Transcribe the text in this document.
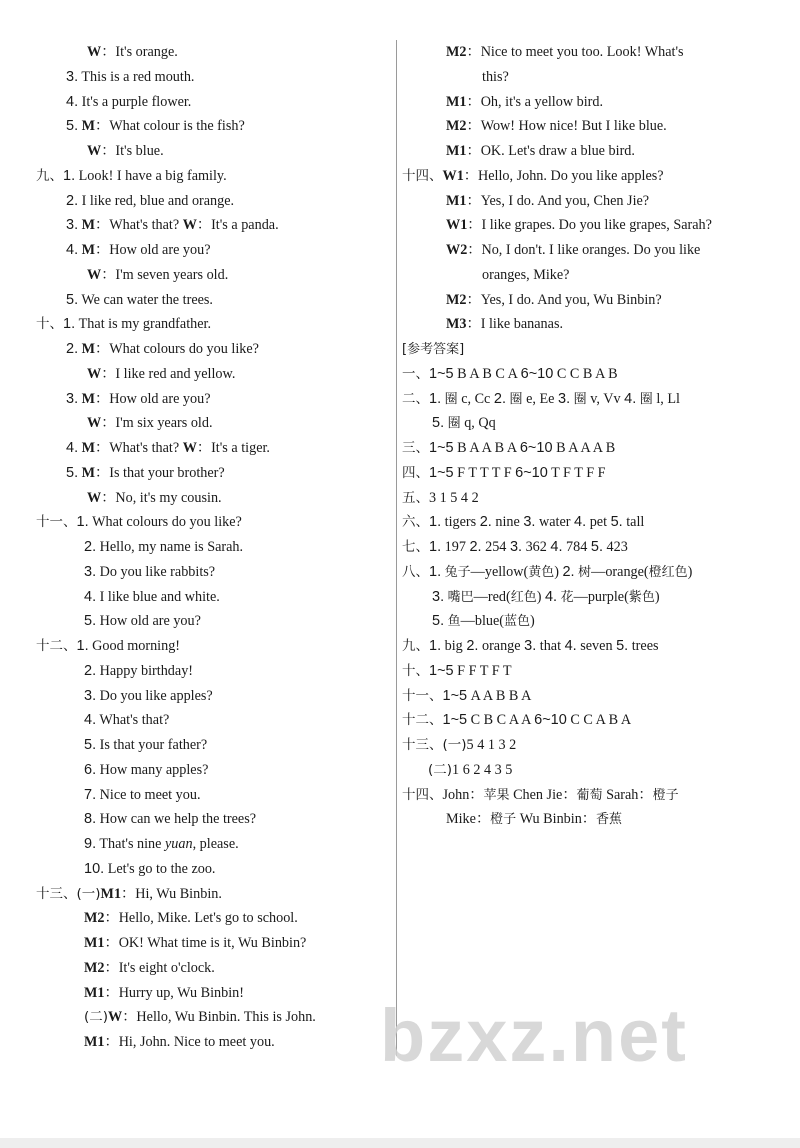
W：It's orange.
3. This is a red mouth.
4. It's a purple flower.
5. M：What colour is the fish?
W：It's blue.
九、1. Look! I have a big family.
2. I like red, blue and orange.
3. M：What's that? W：It's a panda.
4. M：How old are you?
W：I'm seven years old.
5. We can water the trees.
十、1. That is my grandfather.
2. M：What colours do you like?
W：I like red and yellow.
3. M：How old are you?
W：I'm six years old.
4. M：What's that? W：It's a tiger.
5. M：Is that your brother?
W：No, it's my cousin.
十一、1. What colours do you like?
2. Hello, my name is Sarah.
3. Do you like rabbits?
4. I like blue and white.
5. How old are you?
十二、1. Good morning!
2. Happy birthday!
3. Do you like apples?
4. What's that?
5. Is that your father?
6. How many apples?
7. Nice to meet you.
8. How can we help the trees?
9. That's nine yuan, please.
10. Let's go to the zoo.
十三、(一)M1：Hi, Wu Binbin.
M2：Hello, Mike. Let's go to school.
M1：OK! What time is it, Wu Binbin?
M2：It's eight o'clock.
M1：Hurry up, Wu Binbin!
(二)W：Hello, Wu Binbin. This is John.
M1：Hi, John. Nice to meet you.
M2：Nice to meet you too. Look! What's
this?
M1：Oh, it's a yellow bird.
M2：Wow! How nice! But I like blue.
M1：OK. Let's draw a blue bird.
十四、W1：Hello, John. Do you like apples?
M1：Yes, I do. And you, Chen Jie?
W1：I like grapes. Do you like grapes, Sarah?
W2：No, I don't. I like oranges. Do you like
oranges, Mike?
M2：Yes, I do. And you, Wu Binbin?
M3：I like bananas.
[参考答案]
一、1~5 B A B C A 6~10 C C B A B
二、1. 圈 c, Cc 2. 圈 e, Ee 3. 圈 v, Vv 4. 圈 l, Ll
5. 圈 q, Qq
三、1~5 B A A B A 6~10 B A A A B
四、1~5 F T T T F 6~10 T F T F F
五、3 1 5 4 2
六、1. tigers 2. nine 3. water 4. pet 5. tall
七、1. 197 2. 254 3. 362 4. 784 5. 423
八、1. 兔子—yellow(黄色) 2. 树—orange(橙红色)
3. 嘴巴—red(红色) 4. 花—purple(紫色)
5. 鱼—blue(蓝色)
九、1. big 2. orange 3. that 4. seven 5. trees
十、1~5 F F T F T
十一、1~5 A A B B A
十二、1~5 C B C A A 6~10 C C A B A
十三、(一)5 4 1 3 2
(二)1 6 2 4 3 5
十四、John：苹果 Chen Jie：葡萄 Sarah：橙子
Mike：橙子 Wu Binbin：香蕉
bzxz.net
